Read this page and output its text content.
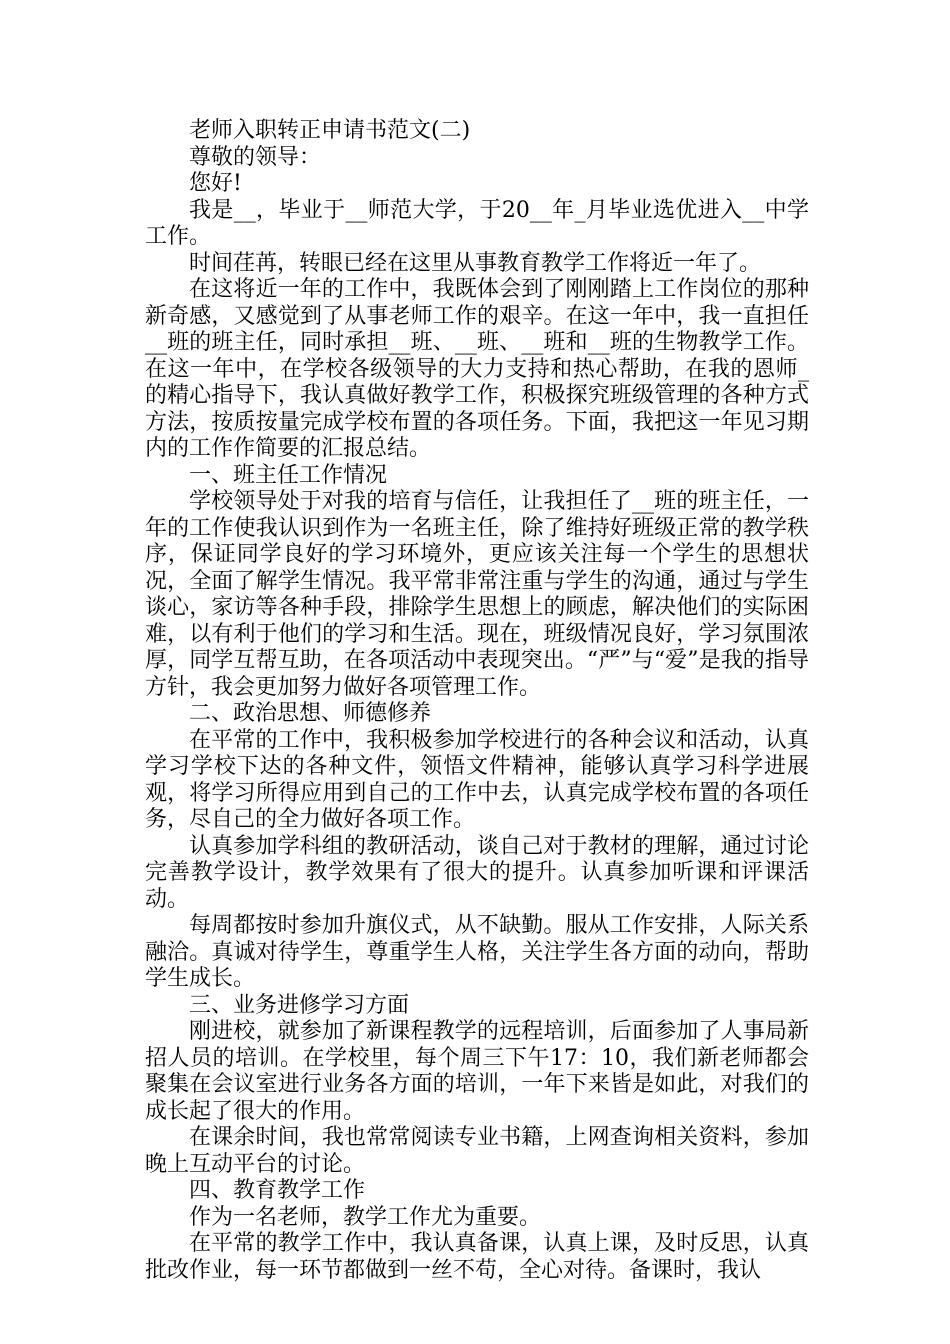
老师入职转正申请书范文(二)

尊敬的领导：

您好!

我是__，毕业于__师范大学，于20__年_月毕业选优进入__中学工作。

时间荏苒，转眼已经在这里从事教育教学工作将近一年了。

在这将近一年的工作中，我既体会到了刚刚踏上工作岗位的那种新奇感，又感觉到了从事老师工作的艰辛。在这一年中，我一直担任__班的班主任，同时承担__班、__班、__班和__班的生物教学工作。在这一年中，在学校各级领导的大力支持和热心帮助，在我的恩师_的精心指导下，我认真做好教学工作，积极探究班级管理的各种方式方法，按质按量完成学校布置的各项任务。下面，我把这一年见习期内的工作作简要的汇报总结。

一、班主任工作情况

学校领导处于对我的培育与信任，让我担任了__班的班主任，一年的工作使我认识到作为一名班主任，除了维持好班级正常的教学秩序，保证同学良好的学习环境外，更应该关注每一个学生的思想状况，全面了解学生情况。我平常非常注重与学生的沟通，通过与学生谈心，家访等各种手段，排除学生思想上的顾虑，解决他们的实际困难，以有利于他们的学习和生活。现在，班级情况良好，学习氛围浓厚，同学互帮互助，在各项活动中表现突出。“严”与“爱”是我的指导方针，我会更加努力做好各项管理工作。

二、政治思想、师德修养

在平常的工作中，我积极参加学校进行的各种会议和活动，认真学习学校下达的各种文件，领悟文件精神，能够认真学习科学进展观，将学习所得应用到自己的工作中去，认真完成学校布置的各项任务，尽自己的全力做好各项工作。

认真参加学科组的教研活动，谈自己对于教材的理解，通过讨论完善教学设计，教学效果有了很大的提升。认真参加听课和评课活动。

每周都按时参加升旗仪式，从不缺勤。服从工作安排，人际关系融洽。真诚对待学生，尊重学生人格，关注学生各方面的动向，帮助学生成长。

三、业务进修学习方面

刚进校，就参加了新课程教学的远程培训，后面参加了人事局新招人员的培训。在学校里，每个周三下午17：10，我们新老师都会聚集在会议室进行业务各方面的培训，一年下来皆是如此，对我们的成长起了很大的作用。

在课余时间，我也常常阅读专业书籍，上网查询相关资料，参加晚上互动平台的讨论。

四、教育教学工作

作为一名老师，教学工作尤为重要。

在平常的教学工作中，我认真备课，认真上课，及时反思，认真批改作业，每一环节都做到一丝不苟，全心对待。备课时，我认
